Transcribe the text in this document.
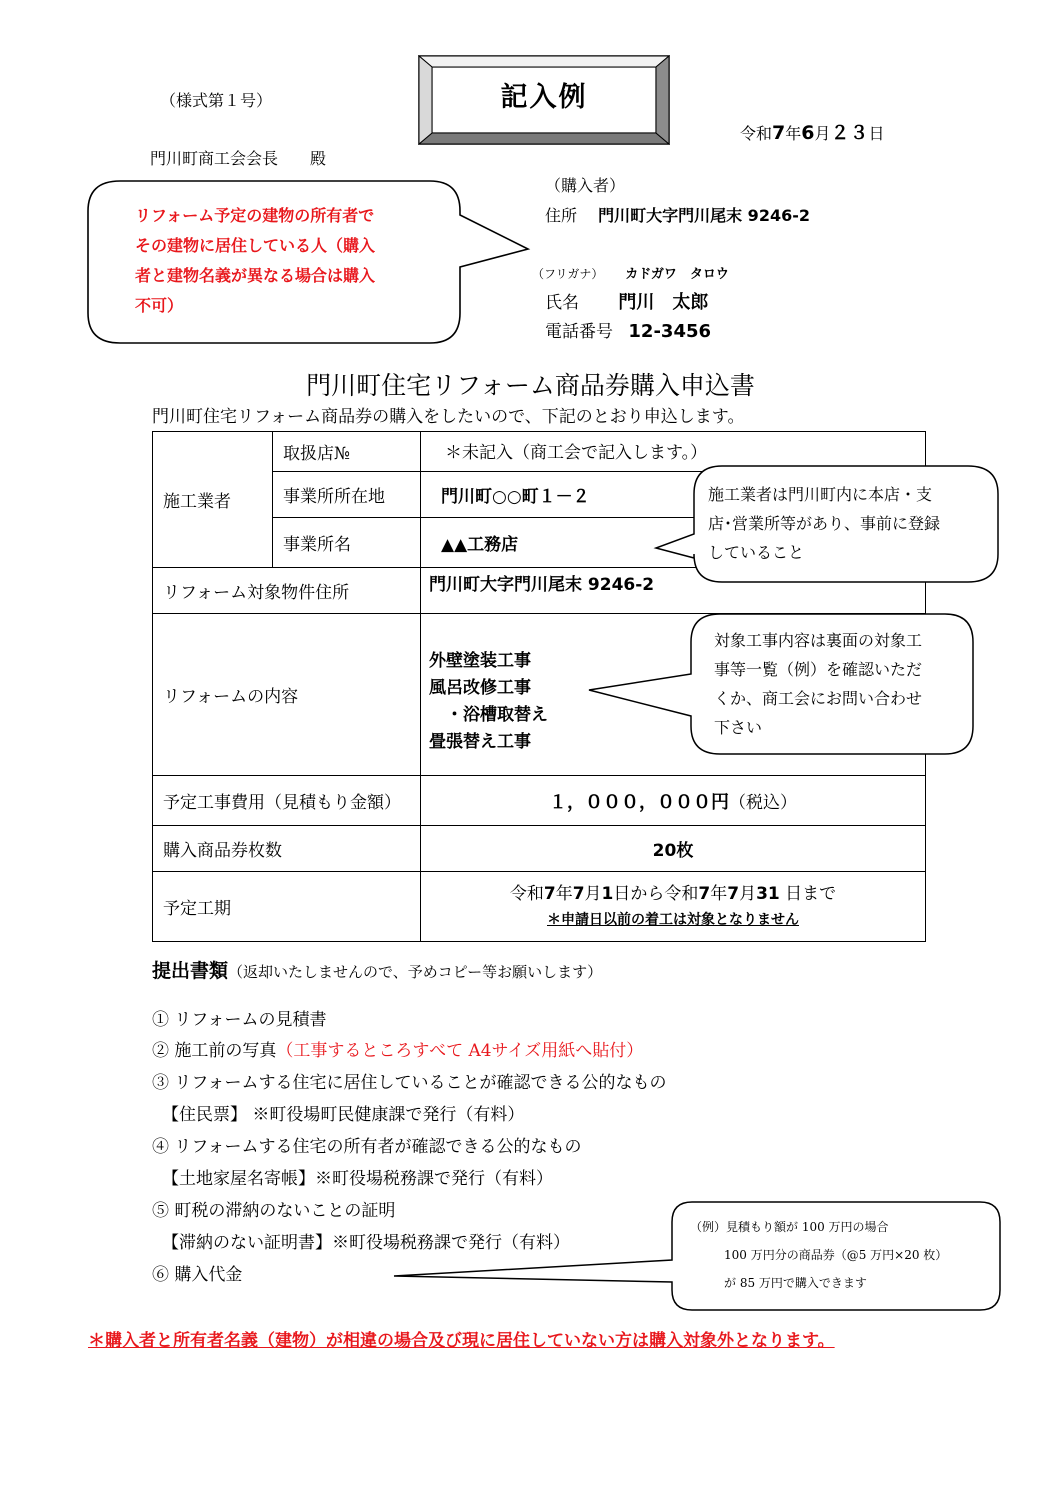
（様式第１号）	記入例
令和7年6月２３日
門川町商工会会長　　殿
リフォーム予定の建物の所有者で
その建物に居住している人（購入
者と建物名義が異なる場合は購入
不可）
（購入者）
住所 門川町大字門川尾末 9246-2
（フリガナ） カドガワ　タロウ
氏名 門川　太郎
電話番号 12-3456
門川町住宅リフォーム商品券購入申込書
門川町住宅リフォーム商品券の購入をしたいので、下記のとおり申込します。
施工業者	取扱店№	＊未記入（商工会で記入します。）
	事業所所在地	門川町○○町１－２
	事業所名	▲▲工務店
リフォーム対象物件住所		門川町大字門川尾末 9246-2
リフォームの内容		外壁塗装工事
風呂改修工事
　・浴槽取替え
畳張替え工事

予定工事費用（見積もり金額）		１，０００，０００円（税込）
購入商品券枚数		20枚
予定工期		令和7年7月1日から令和7年7月31 日まで
＊申請日以前の着工は対象となりません
施工業者は門川町内に本店・支
店･営業所等があり、事前に登録
していること
対象工事内容は裏面の対象工
事等一覧（例）を確認いただ
くか、商工会にお問い合わせ
下さい
提出書類（返却いたしませんので、予めコピー等お願いします）
① リフォームの見積書
② 施工前の写真（工事するところすべて A4サイズ用紙へ貼付）
③ リフォームする住宅に居住していることが確認できる公的なもの
【住民票】 ※町役場町民健康課で発行（有料）
④ リフォームする住宅の所有者が確認できる公的なもの
【土地家屋名寄帳】※町役場税務課で発行（有料）
⑤ 町税の滞納のないことの証明
【滞納のない証明書】※町役場税務課で発行（有料）
⑥ 購入代金
（例）見積もり額が 100 万円の場合
100 万円分の商品券（@5 万円×20 枚）
が 85 万円で購入できます
＊購入者と所有者名義（建物）が相違の場合及び現に居住していない方は購入対象外となります。
